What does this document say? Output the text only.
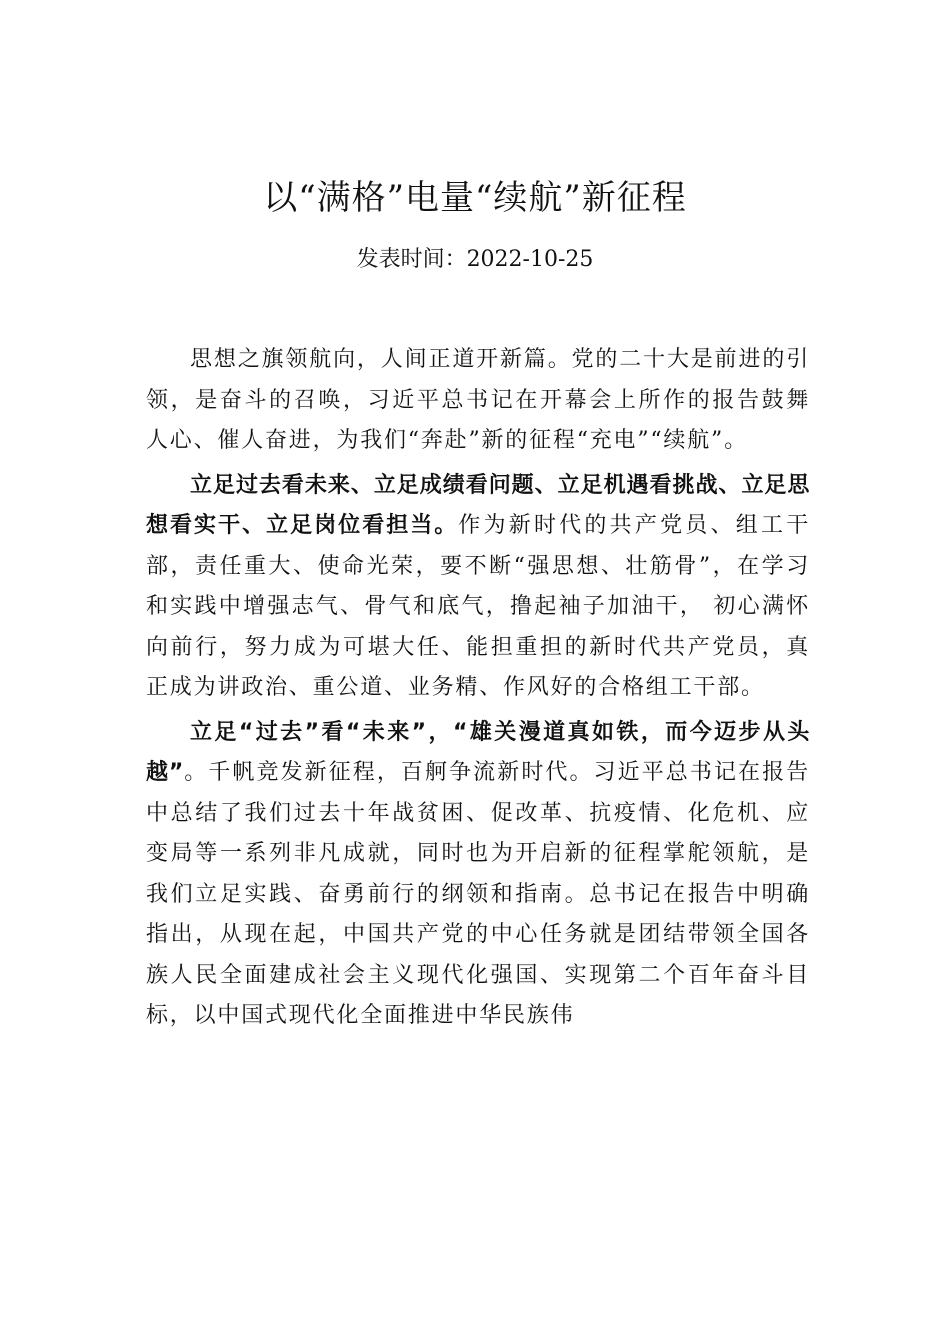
以“满格”电量“续航”新征程
发表时间：2022-10-25

思想之旗领航向，人间正道开新篇。党的二十大是前进的引领，是奋斗的召唤，习近平总书记在开幕会上所作的报告鼓舞人心、催人奋进，为我们“奔赴”新的征程“充电”“续航”。

立足过去看未来、立足成绩看问题、立足机遇看挑战、立足思想看实干、立足岗位看担当。作为新时代的共产党员、组工干部，责任重大、使命光荣，要不断“强思想、壮筋骨”，在学习和实践中增强志气、骨气和底气，撸起袖子加油干， 初心满怀向前行，努力成为可堪大任、能担重担的新时代共产党员，真正成为讲政治、重公道、业务精、作风好的合格组工干部。

立足“过去”看“未来”，“雄关漫道真如铁，而今迈步从头越”。千帆竞发新征程，百舸争流新时代。习近平总书记在报告中总结了我们过去十年战贫困、促改革、抗疫情、化危机、应变局等一系列非凡成就，同时也为开启新的征程掌舵领航，是我们立足实践、奋勇前行的纲领和指南。总书记在报告中明确指出，从现在起，中国共产党的中心任务就是团结带领全国各族人民全面建成社会主义现代化强国、实现第二个百年奋斗目标，以中国式现代化全面推进中华民族伟
